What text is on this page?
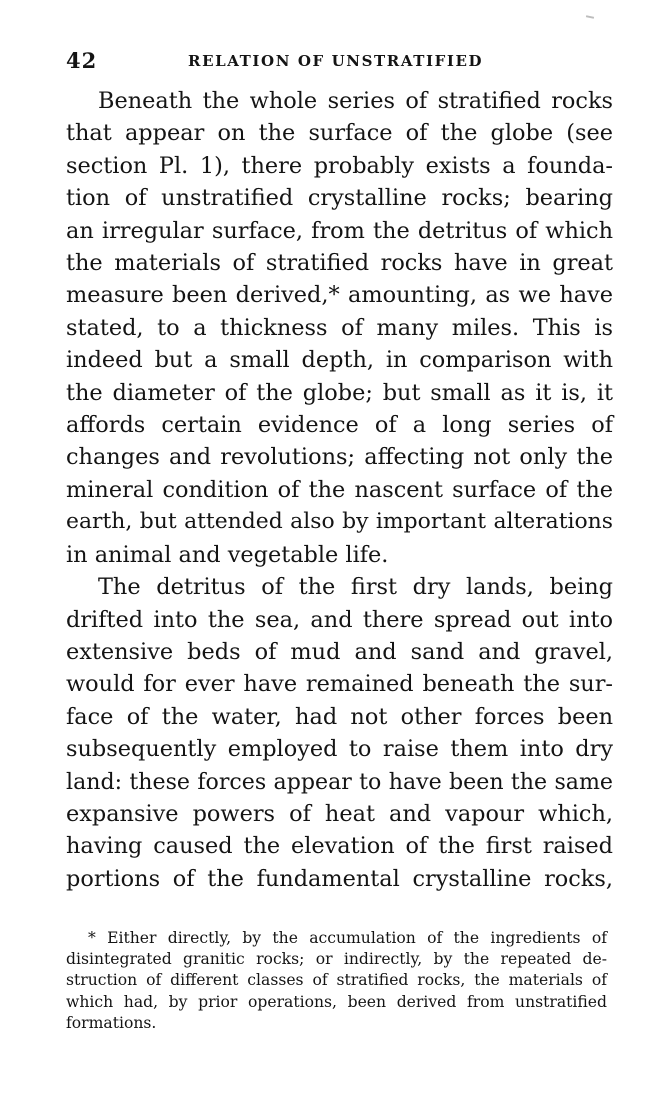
42	RELATION OF UNSTRATIFIED
Beneath the whole series of stratified rocks
that appear on the surface of the globe (see
section Pl. 1), there probably exists a founda-
tion of unstratified crystalline rocks; bearing
an irregular surface, from the detritus of which
the materials of stratified rocks have in great
measure been derived,* amounting, as we have
stated, to a thickness of many miles. This is
indeed but a small depth, in comparison with
the diameter of the globe; but small as it is, it
affords certain evidence of a long series of
changes and revolutions; affecting not only the
mineral condition of the nascent surface of the
earth, but attended also by important alterations
in animal and vegetable life.
The detritus of the first dry lands, being
drifted into the sea, and there spread out into
extensive beds of mud and sand and gravel,
would for ever have remained beneath the sur-
face of the water, had not other forces been
subsequently employed to raise them into dry
land: these forces appear to have been the same
expansive powers of heat and vapour which,
having caused the elevation of the first raised
portions of the fundamental crystalline rocks,
* Either directly, by the accumulation of the ingredients of
disintegrated granitic rocks; or indirectly, by the repeated de-
struction of different classes of stratified rocks, the materials of
which had, by prior operations, been derived from unstratified
formations.
